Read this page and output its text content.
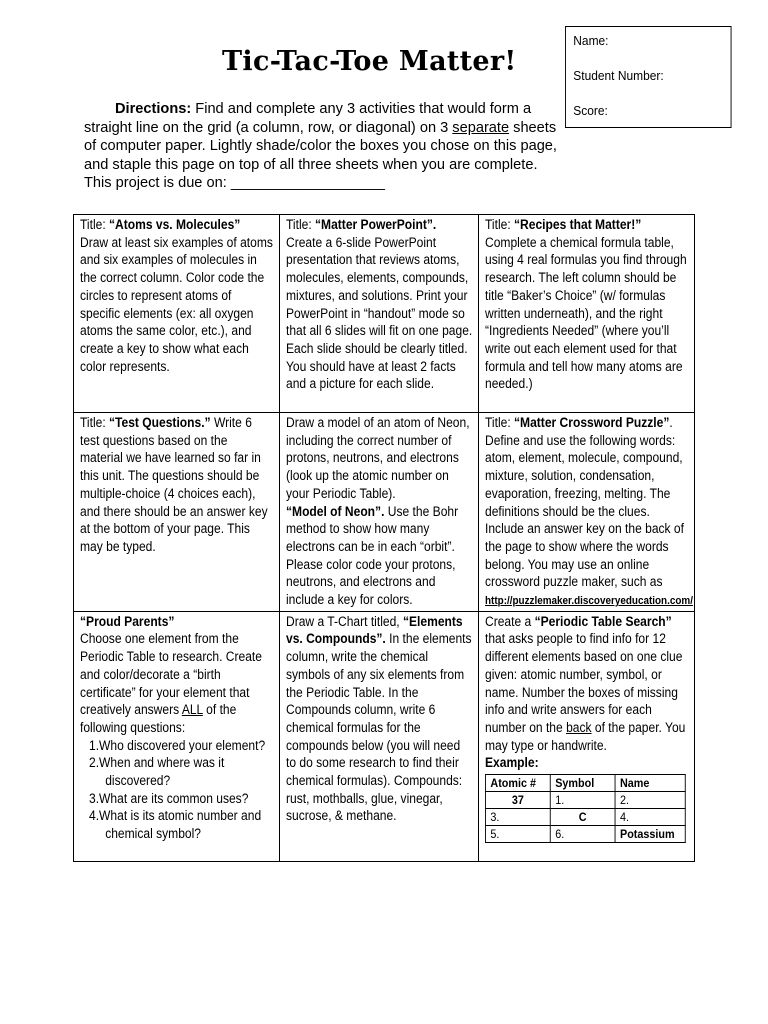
Tic-Tac-Toe Matter!
Name:
Student Number:
Score:
Directions: Find and complete any 3 activities that would form a straight line on the grid (a column, row, or diagonal) on 3 separate sheets of computer paper. Lightly shade/color the boxes you chose on this page, and staple this page on top of all three sheets when you are complete. This project is due on: ___________________
Title: “Atoms vs. Molecules”
Draw at least six examples of atoms and six examples of molecules in the correct column. Color code the circles to represent atoms of specific elements (ex: all oxygen atoms the same color, etc.), and create a key to show what each color represents.

Title: “Matter PowerPoint”.
Create a 6-slide PowerPoint presentation that reviews atoms, molecules, elements, compounds, mixtures, and solutions. Print your PowerPoint in “handout” mode so that all 6 slides will fit on one page. Each slide should be clearly titled. You should have at least 2 facts and a picture for each slide.

Title: “Recipes that Matter!”
Complete a chemical formula table, using 4 real formulas you find through research. The left column should be title “Baker’s Choice” (w/ formulas written underneath), and the right “Ingredients Needed” (where you’ll write out each element used for that formula and tell how many atoms are needed.)

Title: “Test Questions.” Write 6 test questions based on the material we have learned so far in this unit. The questions should be multiple-choice (4 choices each), and there should be an answer key at the bottom of your page. This may be typed.

Draw a model of an atom of Neon, including the correct number of protons, neutrons, and electrons (look up the atomic number on your Periodic Table).
“Model of Neon”. Use the Bohr method to show how many electrons can be in each “orbit”. Please color code your protons, neutrons, and electrons and include a key for colors.

Title: “Matter Crossword Puzzle”. Define and use the following words: atom, element, molecule, compound, mixture, solution, condensation, evaporation, freezing, melting. The definitions should be the clues. Include an answer key on the back of the page to show where the words belong. You may use an online crossword puzzle maker, such as
http://puzzlemaker.discoveryeducation.com/

“Proud Parents”
Choose one element from the Periodic Table to research. Create and color/decorate a “birth certificate” for your element that creatively answers ALL of the following questions:
1.Who discovered your element?
2.When and where was it discovered?
3.What are its common uses?
4.What is its atomic number and chemical symbol?

Draw a T-Chart titled, “Elements vs. Compounds”. In the elements column, write the chemical symbols of any six elements from the Periodic Table. In the Compounds column, write 6 chemical formulas for the compounds below (you will need to do some research to find their chemical formulas). Compounds: rust, mothballs, glue, vinegar, sucrose, & methane.

Create a “Periodic Table Search” that asks people to find info for 12 different elements based on one clue given: atomic number, symbol, or name. Number the boxes of missing info and write answers for each number on the back of the paper. You may type or handwrite.
Example:
Atomic #	Symbol	Name
37	1.	2.
3.	C	4.
5.	6.	Potassium
